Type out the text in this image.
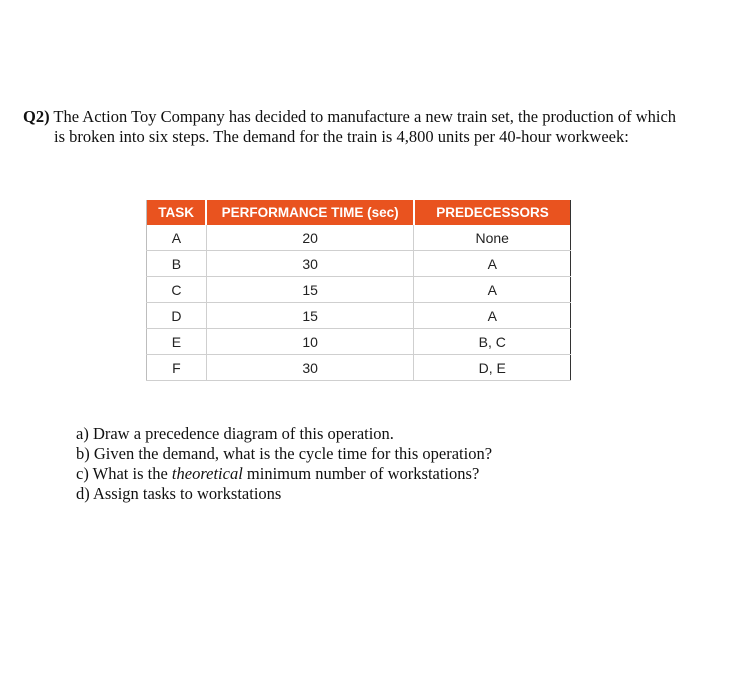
Q2) The Action Toy Company has decided to manufacture a new train set, the production of which
is broken into six steps. The demand for the train is 4,800 units per 40-hour workweek:
TASK	PERFORMANCE TIME (sec)	PREDECESSORS
A	20	None
B	30	A
C	15	A
D	15	A
E	10	B, C
F	30	D, E
a) Draw a precedence diagram of this operation.
b) Given the demand, what is the cycle time for this operation?
c) What is the theoretical minimum number of workstations?
d) Assign tasks to workstations
